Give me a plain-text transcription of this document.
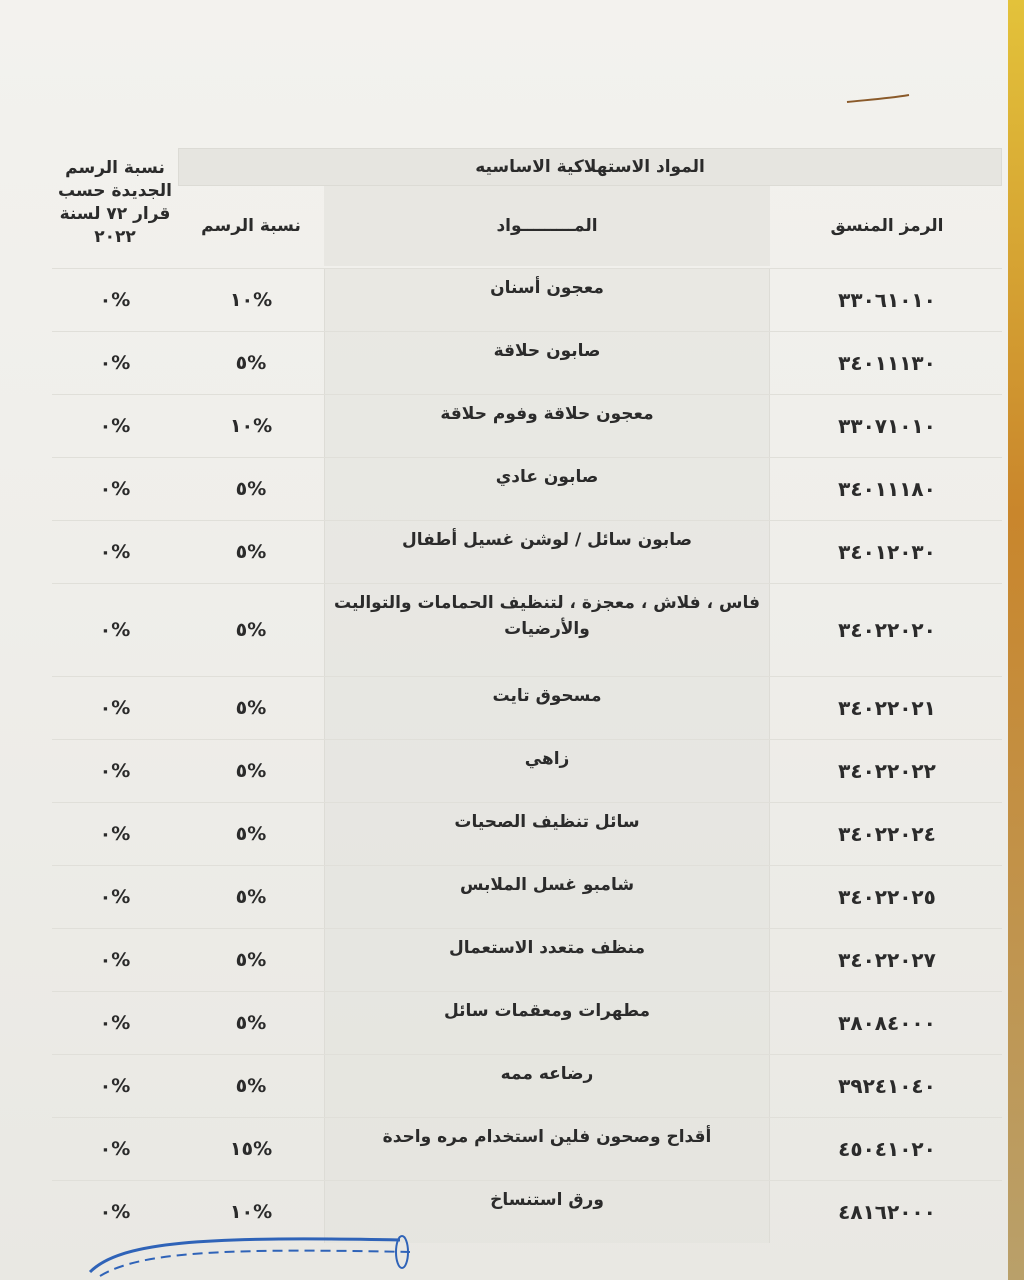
المواد الاستهلاكية الاساسيه
الرمز المنسق
المـــــــــواد
نسبة الرسم
نسبة الرسم الجديدة حسب قرار ٧٢ لسنة ٢٠٢٢
٣٣٠٦١٠١٠
معجون أسنان
%١٠
%٠
٣٤٠١١١٣٠
صابون حلاقة
%٥
%٠
٣٣٠٧١٠١٠
معجون حلاقة وفوم حلاقة
%١٠
%٠
٣٤٠١١١٨٠
صابون عادي
%٥
%٠
٣٤٠١٢٠٣٠
صابون سائل / لوشن غسيل أطفال
%٥
%٠
٣٤٠٢٢٠٢٠
فاس ، فلاش ، معجزة ، لتنظيف الحمامات والتواليت والأرضيات
%٥
%٠
٣٤٠٢٢٠٢١
مسحوق تايت
%٥
%٠
٣٤٠٢٢٠٢٢
زاهي
%٥
%٠
٣٤٠٢٢٠٢٤
سائل تنظيف الصحيات
%٥
%٠
٣٤٠٢٢٠٢٥
شامبو غسل الملابس
%٥
%٠
٣٤٠٢٢٠٢٧
منظف متعدد الاستعمال
%٥
%٠
٣٨٠٨٤٠٠٠
مطهرات ومعقمات سائل
%٥
%٠
٣٩٢٤١٠٤٠
رضاعه ممه
%٥
%٠
٤٥٠٤١٠٢٠
أقداح وصحون فلين استخدام مره واحدة
%١٥
%٠
٤٨١٦٢٠٠٠
ورق استنساخ
%١٠
%٠
